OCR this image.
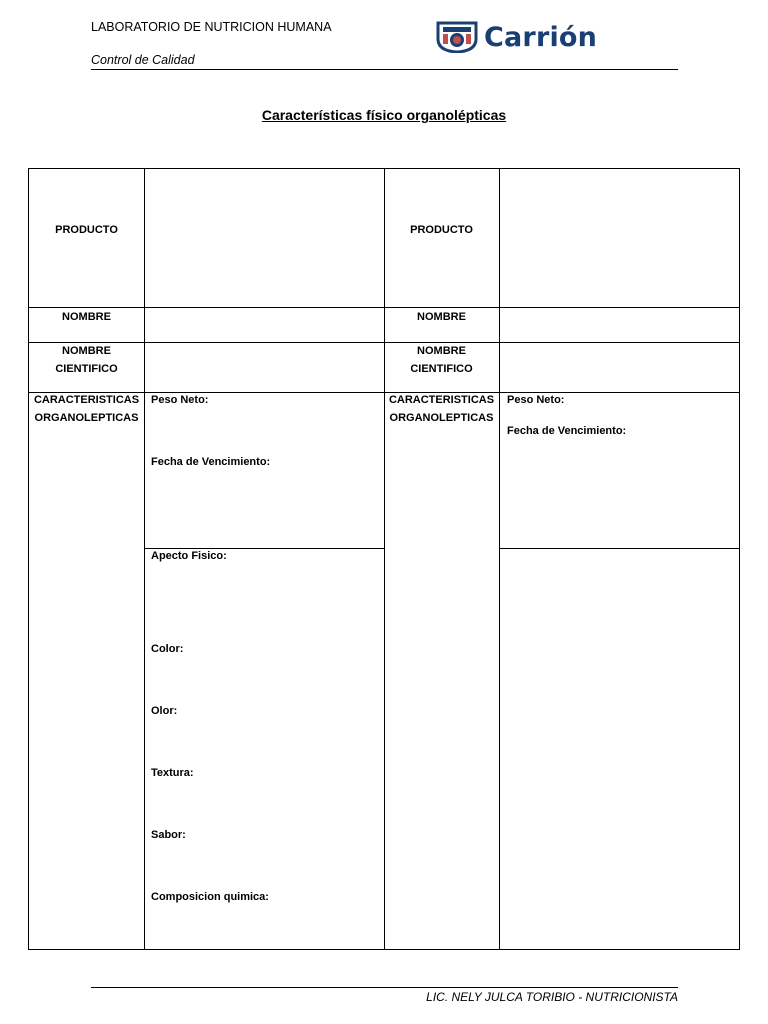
LABORATORIO DE NUTRICION HUMANA
Control de Calidad
Carrión
Características físico organolépticas
PRODUCTO
NOMBRE
NOMBRE
CIENTIFICO
CARACTERISTICAS
ORGANOLEPTICAS
Peso Neto:
Fecha de Vencimiento:
Apecto Fisico:
Color:
Olor:
Textura:
Sabor:
Composicion quimica:
PRODUCTO
NOMBRE
NOMBRE
CIENTIFICO
CARACTERISTICAS
ORGANOLEPTICAS
Peso Neto:
Fecha de Vencimiento:
LIC. NELY JULCA TORIBIO - NUTRICIONISTA
